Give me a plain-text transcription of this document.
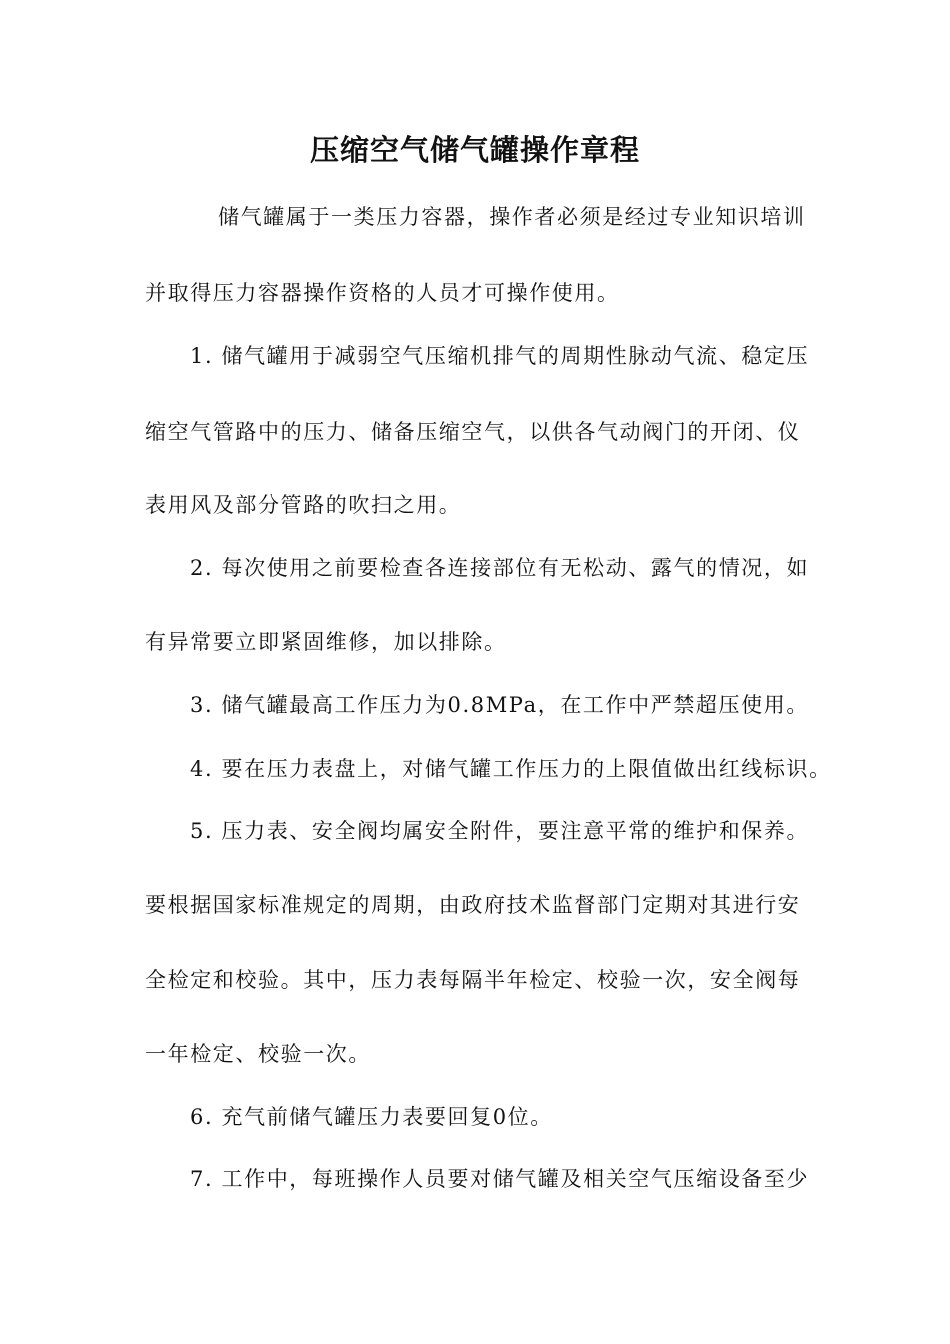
压缩空气储气罐操作章程
储气罐属于一类压力容器，操作者必须是经过专业知识培训
并取得压力容器操作资格的人员才可操作使用。
1. 储气罐用于减弱空气压缩机排气的周期性脉动气流、稳定压
缩空气管路中的压力、储备压缩空气，以供各气动阀门的开闭、仪
表用风及部分管路的吹扫之用。
2. 每次使用之前要检查各连接部位有无松动、露气的情况，如
有异常要立即紧固维修，加以排除。
3. 储气罐最高工作压力为0.8MPa，在工作中严禁超压使用。
4. 要在压力表盘上，对储气罐工作压力的上限值做出红线标识。
5. 压力表、安全阀均属安全附件，要注意平常的维护和保养。
要根据国家标准规定的周期，由政府技术监督部门定期对其进行安
全检定和校验。其中，压力表每隔半年检定、校验一次，安全阀每
一年检定、校验一次。
6. 充气前储气罐压力表要回复0位。
7. 工作中，每班操作人员要对储气罐及相关空气压缩设备至少
